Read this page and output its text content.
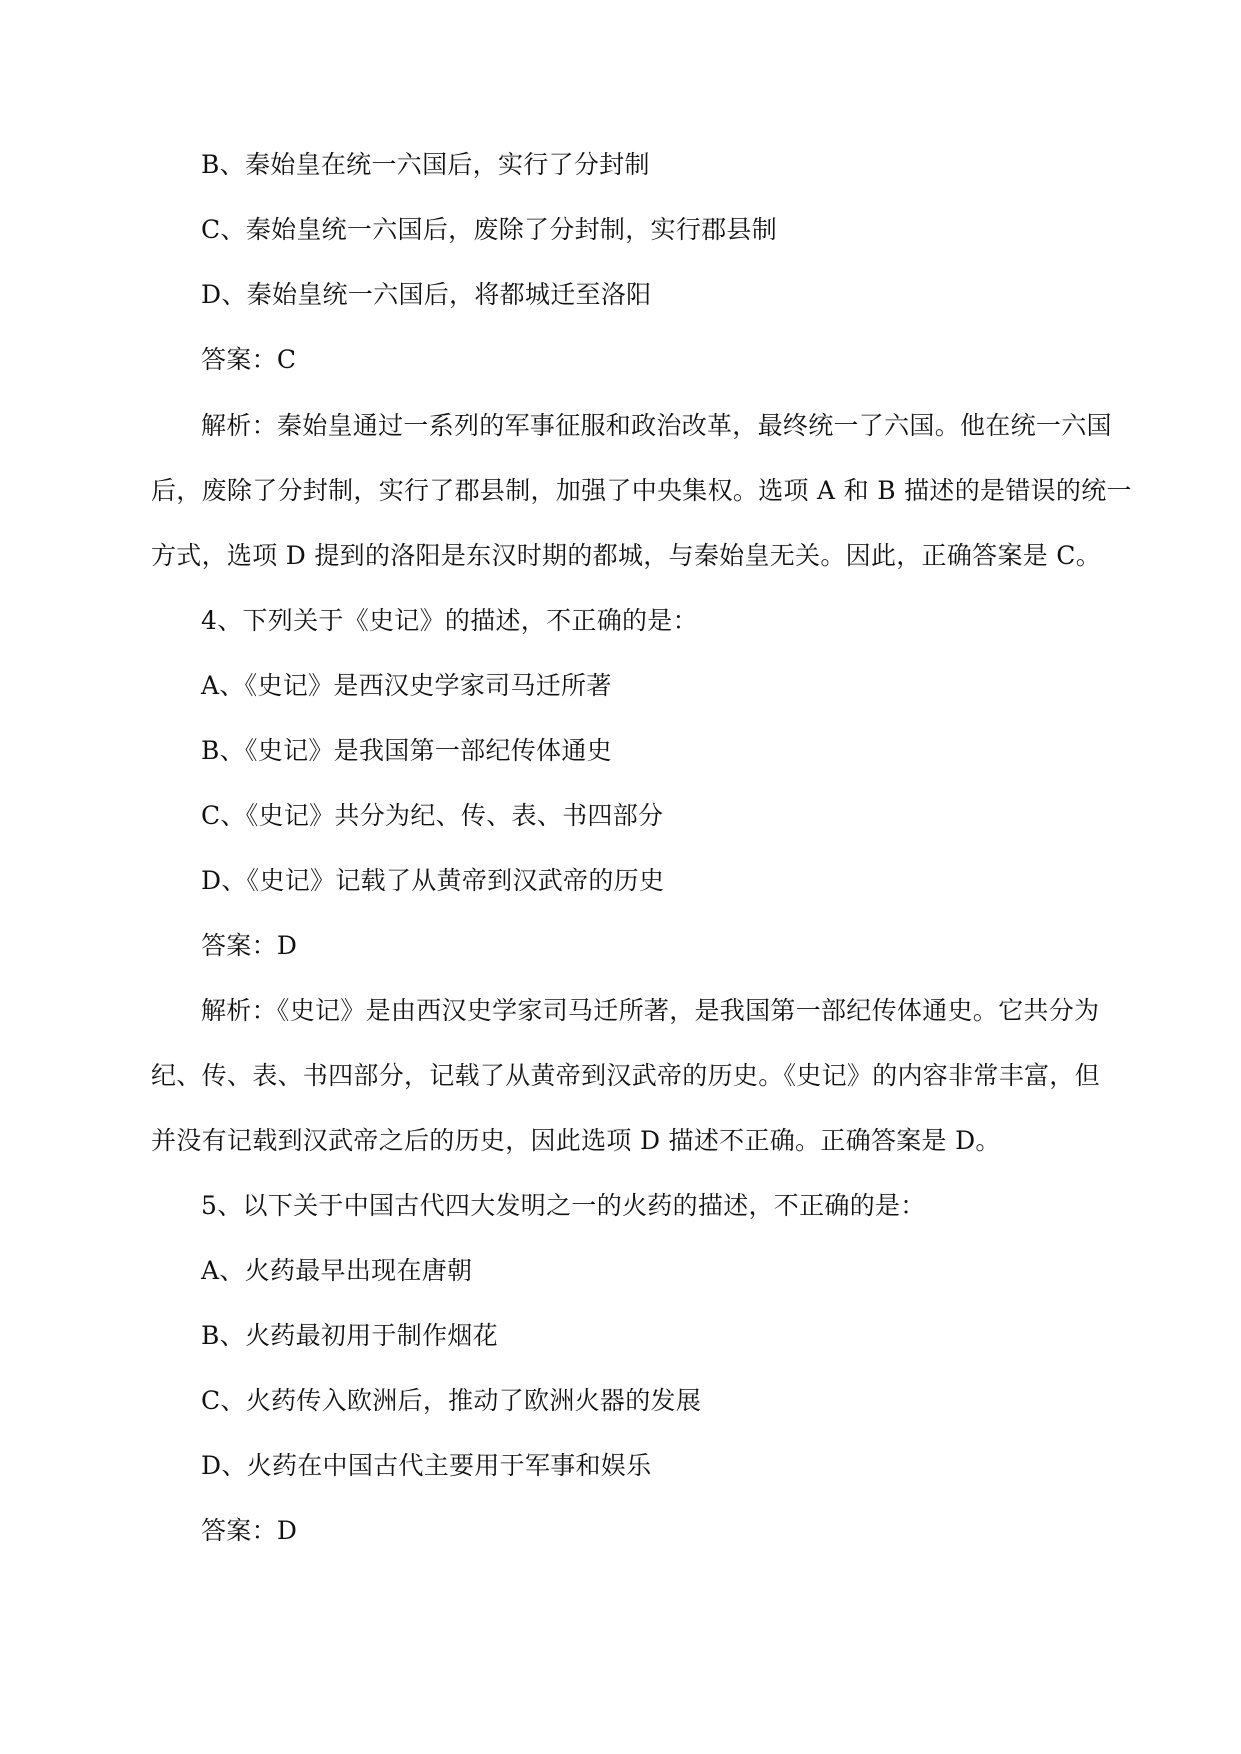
B、秦始皇在统一六国后，实行了分封制
C、秦始皇统一六国后，废除了分封制，实行郡县制
D、秦始皇统一六国后，将都城迁至洛阳
答案：C
解析：秦始皇通过一系列的军事征服和政治改革，最终统一了六国。他在统一六国
后，废除了分封制，实行了郡县制，加强了中央集权。选项 A 和 B 描述的是错误的统一
方式，选项 D 提到的洛阳是东汉时期的都城，与秦始皇无关。因此，正确答案是 C。
4、下列关于《史记》的描述，不正确的是：
A、《史记》是西汉史学家司马迁所著
B、《史记》是我国第一部纪传体通史
C、《史记》共分为纪、传、表、书四部分
D、《史记》记载了从黄帝到汉武帝的历史
答案：D
解析：《史记》是由西汉史学家司马迁所著，是我国第一部纪传体通史。它共分为
纪、传、表、书四部分，记载了从黄帝到汉武帝的历史。《史记》的内容非常丰富，但
并没有记载到汉武帝之后的历史，因此选项 D 描述不正确。正确答案是 D。
5、以下关于中国古代四大发明之一的火药的描述，不正确的是：
A、火药最早出现在唐朝
B、火药最初用于制作烟花
C、火药传入欧洲后，推动了欧洲火器的发展
D、火药在中国古代主要用于军事和娱乐
答案：D
